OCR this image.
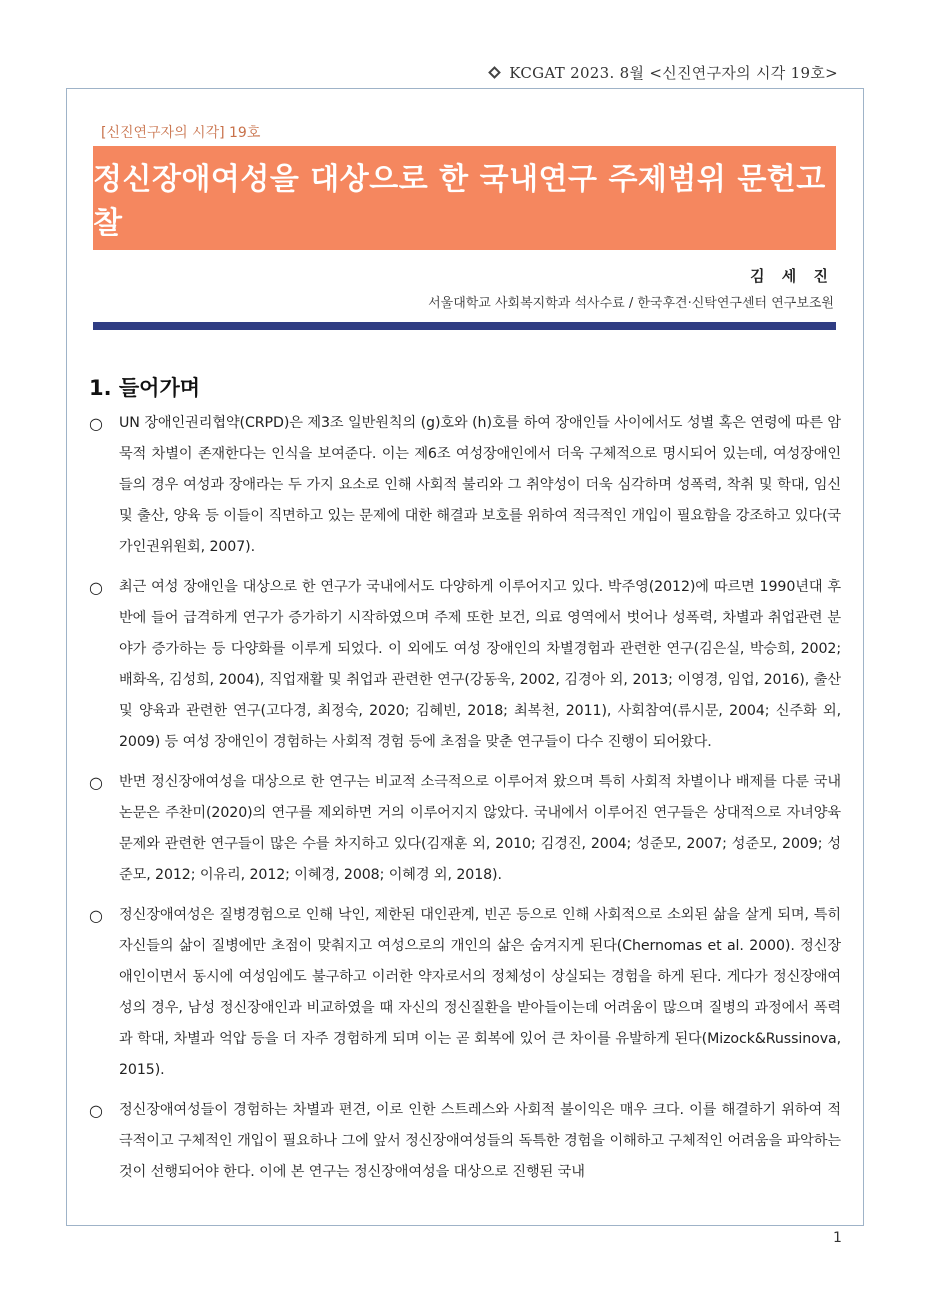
KCGAT 2023. 8월 <신진연구자의 시각 19호>
[신진연구자의 시각] 19호
정신장애여성을 대상으로 한 국내연구 주제범위 문헌고찰
김 세 진
서울대학교 사회복지학과 석사수료 / 한국후견·신탁연구센터 연구보조원
1. 들어가며
○	UN 장애인권리협약(CRPD)은 제3조 일반원칙의 (g)호와 (h)호를 하여 장애인들 사이에서도 성별 혹은 연령에 따른 암묵적 차별이 존재한다는 인식을 보여준다. 이는 제6조 여성장애인에서 더욱 구체적으로 명시되어 있는데, 여성장애인들의 경우 여성과 장애라는 두 가지 요소로 인해 사회적 불리와 그 취약성이 더욱 심각하며 성폭력, 착취 및 학대, 임신 및 출산, 양육 등 이들이 직면하고 있는 문제에 대한 해결과 보호를 위하여 적극적인 개입이 필요함을 강조하고 있다(국가인권위원회, 2007).
○	최근 여성 장애인을 대상으로 한 연구가 국내에서도 다양하게 이루어지고 있다. 박주영(2012)에 따르면 1990년대 후반에 들어 급격하게 연구가 증가하기 시작하였으며 주제 또한 보건, 의료 영역에서 벗어나 성폭력, 차별과 취업관련 분야가 증가하는 등 다양화를 이루게 되었다. 이 외에도 여성 장애인의 차별경험과 관련한 연구(김은실, 박승희, 2002; 배화옥, 김성희, 2004), 직업재활 및 취업과 관련한 연구(강동욱, 2002, 김경아 외, 2013; 이영경, 임업, 2016), 출산 및 양육과 관련한 연구(고다경, 최정숙, 2020; 김혜빈, 2018; 최복천, 2011), 사회참여(류시문, 2004; 신주화 외, 2009) 등 여성 장애인이 경험하는 사회적 경험 등에 초점을 맞춘 연구들이 다수 진행이 되어왔다.
○	반면 정신장애여성을 대상으로 한 연구는 비교적 소극적으로 이루어져 왔으며 특히 사회적 차별이나 배제를 다룬 국내 논문은 주찬미(2020)의 연구를 제외하면 거의 이루어지지 않았다. 국내에서 이루어진 연구들은 상대적으로 자녀양육 문제와 관련한 연구들이 많은 수를 차지하고 있다(김재훈 외, 2010; 김경진, 2004; 성준모, 2007; 성준모, 2009; 성준모, 2012; 이유리, 2012; 이혜경, 2008; 이혜경 외, 2018).
○	정신장애여성은 질병경험으로 인해 낙인, 제한된 대인관계, 빈곤 등으로 인해 사회적으로 소외된 삶을 살게 되며, 특히 자신들의 삶이 질병에만 초점이 맞춰지고 여성으로의 개인의 삶은 숨겨지게 된다(Chernomas et al. 2000). 정신장애인이면서 동시에 여성임에도 불구하고 이러한 약자로서의 정체성이 상실되는 경험을 하게 된다. 게다가 정신장애여성의 경우, 남성 정신장애인과 비교하였을 때 자신의 정신질환을 받아들이는데 어려움이 많으며 질병의 과정에서 폭력과 학대, 차별과 억압 등을 더 자주 경험하게 되며 이는 곧 회복에 있어 큰 차이를 유발하게 된다(Mizock&Russinova, 2015).
○	정신장애여성들이 경험하는 차별과 편견, 이로 인한 스트레스와 사회적 불이익은 매우 크다. 이를 해결하기 위하여 적극적이고 구체적인 개입이 필요하나 그에 앞서 정신장애여성들의 독특한 경험을 이해하고 구체적인 어려움을 파악하는 것이 선행되어야 한다. 이에 본 연구는 정신장애여성을 대상으로 진행된 국내
1
